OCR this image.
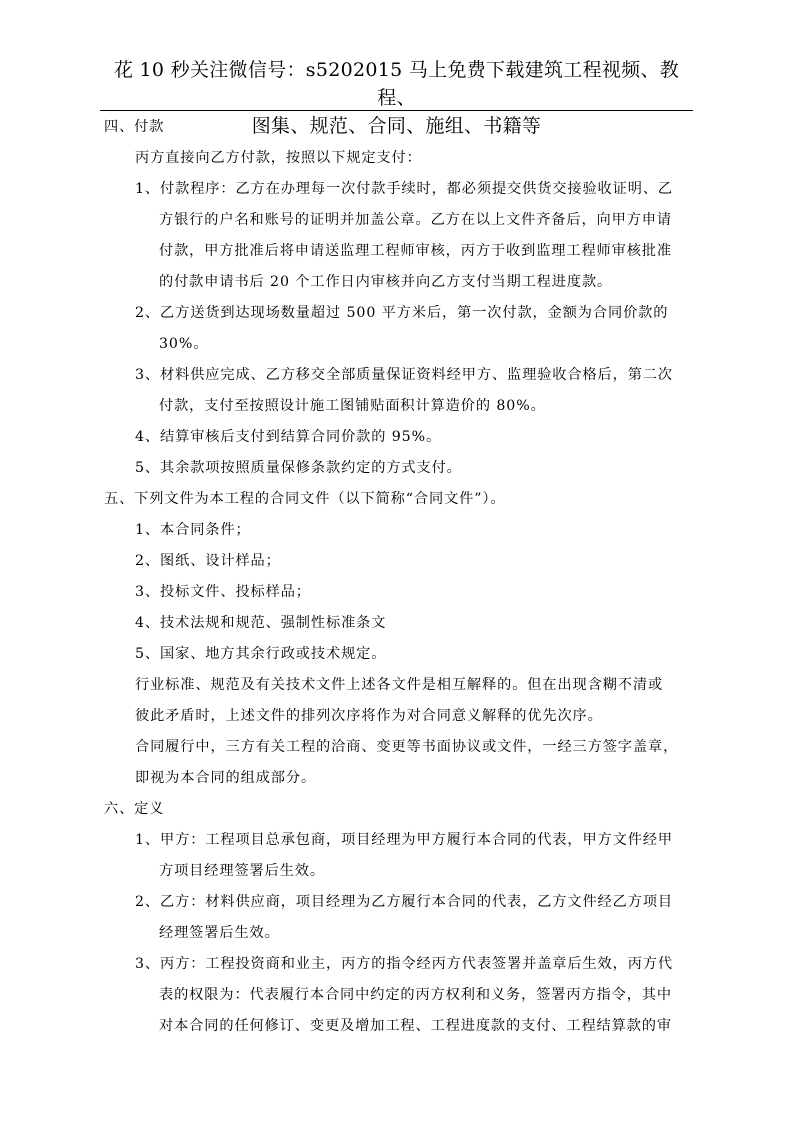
花 10 秒关注微信号：s5202015 马上免费下载建筑工程视频、教程、
图集、规范、合同、施组、书籍等
四、付款
丙方直接向乙方付款，按照以下规定支付：
1、付款程序：乙方在办理每一次付款手续时，都必须提交供货交接验收证明、乙
方银行的户名和账号的证明并加盖公章。乙方在以上文件齐备后，向甲方申请
付款，甲方批准后将申请送监理工程师审核，丙方于收到监理工程师审核批准
的付款申请书后 20 个工作日内审核并向乙方支付当期工程进度款。
2、乙方送货到达现场数量超过 500 平方米后，第一次付款，金额为合同价款的
30%。
3、材料供应完成、乙方移交全部质量保证资料经甲方、监理验收合格后，第二次
付款，支付至按照设计施工图铺贴面积计算造价的 80%。
4、结算审核后支付到结算合同价款的 95%。
5、其余款项按照质量保修条款约定的方式支付。
五、下列文件为本工程的合同文件（以下简称“合同文件”）。
1、本合同条件；
2、图纸、设计样品；
3、投标文件、投标样品；
4、技术法规和规范、强制性标准条文
5、国家、地方其余行政或技术规定。
行业标准、规范及有关技术文件上述各文件是相互解释的。但在出现含糊不清或
彼此矛盾时，上述文件的排列次序将作为对合同意义解释的优先次序。
合同履行中，三方有关工程的洽商、变更等书面协议或文件，一经三方签字盖章，
即视为本合同的组成部分。
六、定义
1、甲方：工程项目总承包商，项目经理为甲方履行本合同的代表，甲方文件经甲
方项目经理签署后生效。
2、乙方：材料供应商，项目经理为乙方履行本合同的代表，乙方文件经乙方项目
经理签署后生效。
3、丙方：工程投资商和业主，丙方的指令经丙方代表签署并盖章后生效，丙方代
表的权限为：代表履行本合同中约定的丙方权利和义务，签署丙方指令，其中
对本合同的任何修订、变更及增加工程、工程进度款的支付、工程结算款的审
